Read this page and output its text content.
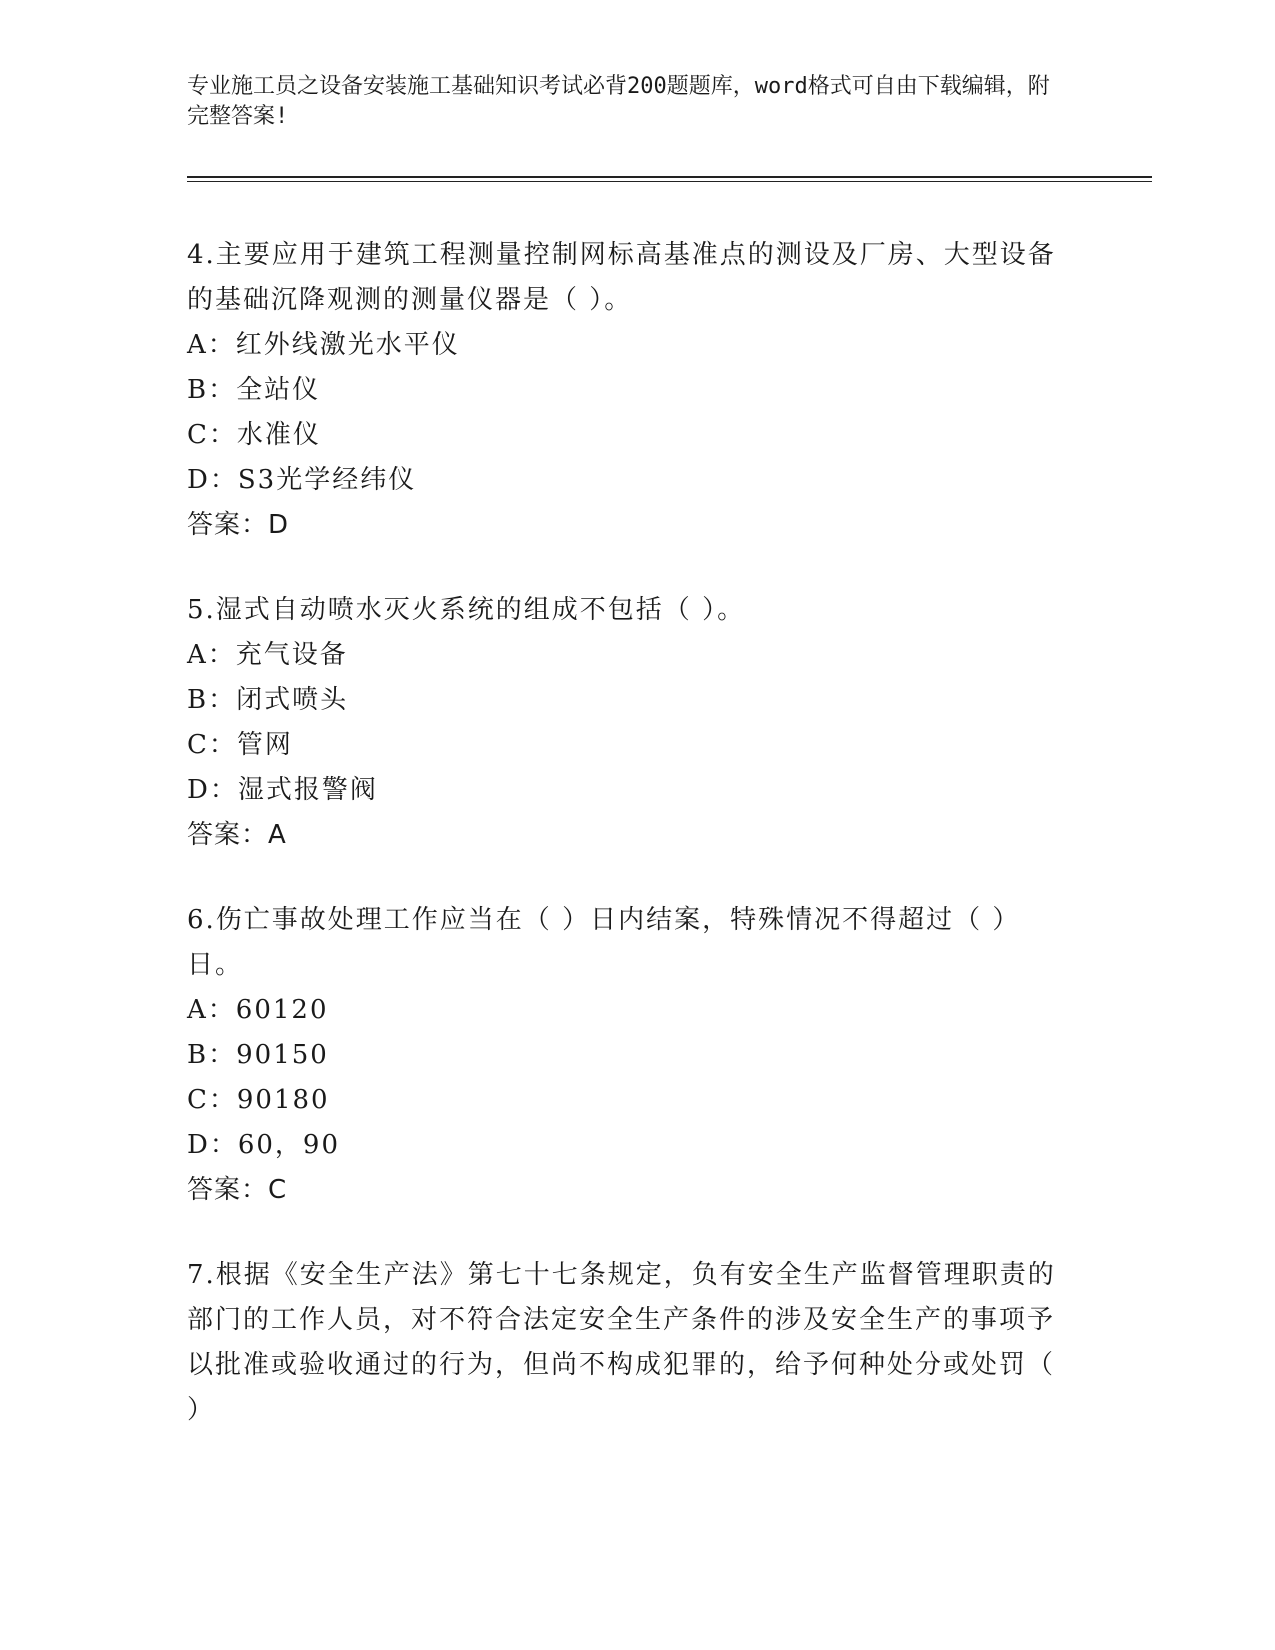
专业施工员之设备安装施工基础知识考试必背200题题库，word格式可自由下载编辑，附完整答案!
4.主要应用于建筑工程测量控制网标高基准点的测设及厂房、大型设备的基础沉降观测的测量仪器是（ ）。
A：红外线激光水平仪
B：全站仪
C：水准仪
D：S3光学经纬仪
答案：D
5.湿式自动喷水灭火系统的组成不包括（ ）。
A：充气设备
B：闭式喷头
C：管网
D：湿式报警阀
答案：A
6.伤亡事故处理工作应当在（ ）日内结案，特殊情况不得超过（ ）日。
A：60120
B：90150
C：90180
D：60，90
答案：C
7.根据《安全生产法》第七十七条规定，负有安全生产监督管理职责的部门的工作人员，对不符合法定安全生产条件的涉及安全生产的事项予以批准或验收通过的行为，但尚不构成犯罪的，给予何种处分或处罚（ ）
